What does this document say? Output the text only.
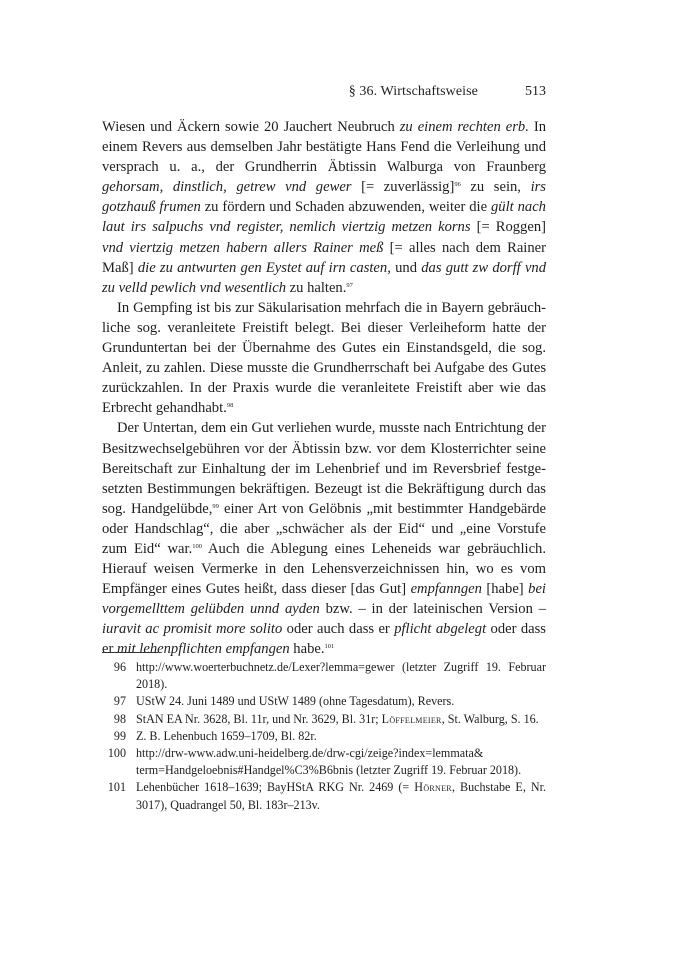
§ 36. Wirtschaftsweise	513

Wiesen und Äckern sowie 20 Jauchert Neubruch zu einem rechten erb. In einem Revers aus demselben Jahr bestätigte Hans Fend die Verleihung und versprach u. a., der Grundherrin Äbtissin Walburga von Fraunberg gehorsam, dinstlich, getrew vnd gewer [= zuverlässig]$^{96}$ zu sein, irs gotzhauß frumen zu fördern und Schaden abzuwenden, weiter die gült nach laut irs salpuchs vnd register, nemlich viertzig metzen korns [= Roggen] vnd viertzig metzen habern allers Rainer meß [= alles nach dem Rainer Maß] die zu antwurten gen Eystet auf irn casten, und das gutt zw dorff vnd zu velld pewlich vnd wesentlich zu halten.$^{97}$

In Gempfing ist bis zur Säkularisation mehrfach die in Bayern gebräuchliche sog. veranleitete Freistift belegt. Bei dieser Verleiheform hatte der Grunduntertan bei der Übernahme des Gutes ein Einstandsgeld, die sog. Anleit, zu zahlen. Diese musste die Grundherrschaft bei Aufgabe des Gutes zurückzahlen. In der Praxis wurde die veranleitete Freistift aber wie das Erbrecht gehandhabt.$^{98}$

Der Untertan, dem ein Gut verliehen wurde, musste nach Entrichtung der Besitzwechselgebühren vor der Äbtissin bzw. vor dem Klosterrichter seine Bereitschaft zur Einhaltung der im Lehenbrief und im Reversbrief festgesetzten Bestimmungen bekräftigen. Bezeugt ist die Bekräftigung durch das sog. Handgelübde,$^{99}$ einer Art von Gelöbnis „mit bestimmter Handgebärde oder Handschlag“, die aber „schwächer als der Eid“ und „eine Vorstufe zum Eid“ war.$^{100}$ Auch die Ablegung eines Leheneids war gebräuchlich. Hierauf weisen Vermerke in den Lehensverzeichnissen hin, wo es vom Empfänger eines Gutes heißt, dass dieser [das Gut] empfanngen [habe] bei vorgemellttem gelübden unnd ayden bzw. – in der lateinischen Version – iuravit ac promisit more solito oder auch dass er pflicht abgelegt oder dass er mit lehenpflichten empfangen habe.$^{101}$

96 http://www.woerterbuchnetz.de/Lexer?lemma=gewer (letzter Zugriff 19. Februar 2018).
97 UStW 24. Juni 1489 und UStW 1489 (ohne Tagesdatum), Revers.
98 StAN EA Nr. 3628, Bl. 11r, und Nr. 3629, Bl. 31r; Löffelmeier, St. Walburg, S. 16.
99 Z. B. Lehenbuch 1659–1709, Bl. 82r.
100 http://drw-www.adw.uni-heidelberg.de/drw-cgi/zeige?index=lemmata& term=Handgeloebnis#Handgel%C3%B6bnis (letzter Zugriff 19. Februar 2018).
101 Lehenbücher 1618–1639; BayHStA RKG Nr. 2469 (= Hörner, Buchstabe E, Nr. 3017), Quadrangel 50, Bl. 183r–213v.
